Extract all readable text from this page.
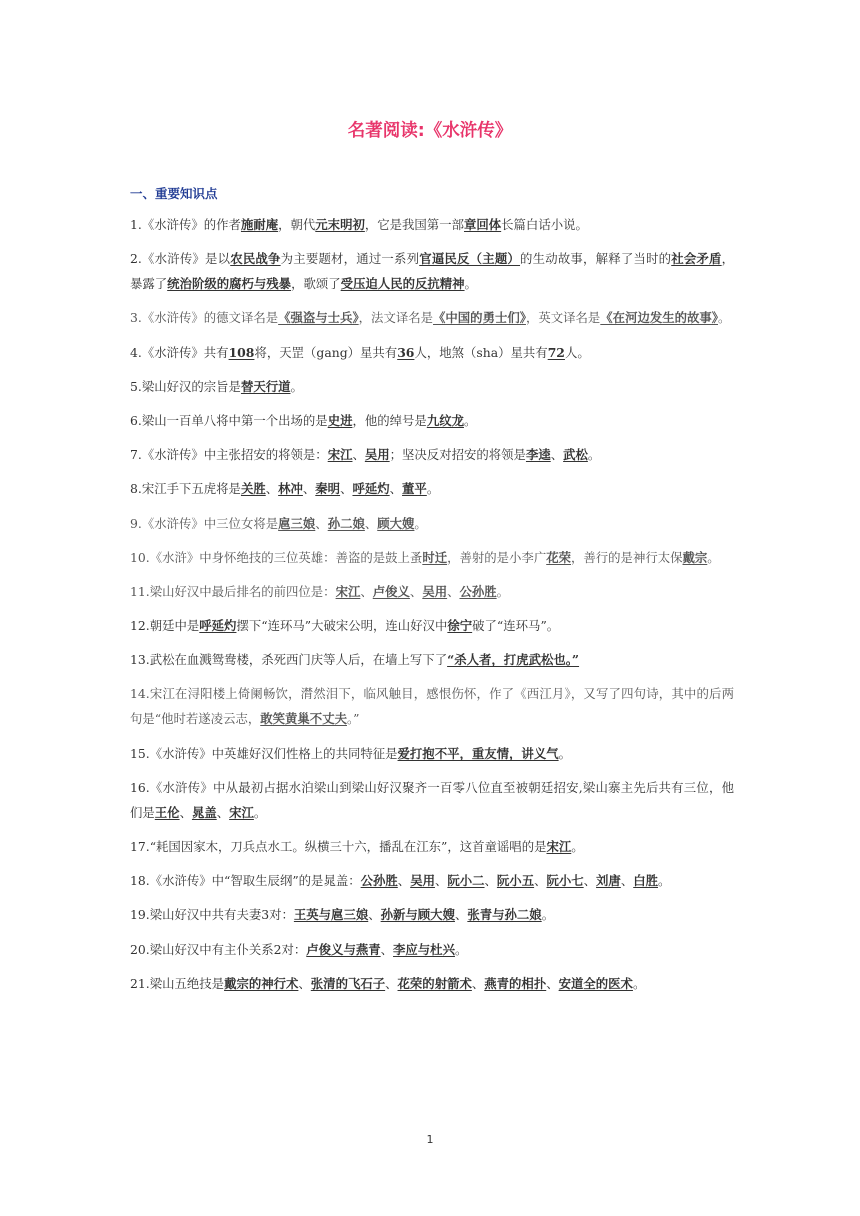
名著阅读:《水浒传》
一、重要知识点
1.《水浒传》的作者施耐庵，朝代元末明初，它是我国第一部章回体长篇白话小说。
2.《水浒传》是以农民战争为主要题材，通过一系列官逼民反（主题）的生动故事，解释了当时的社会矛盾，暴露了统治阶级的腐朽与残暴，歌颂了受压迫人民的反抗精神。
3.《水浒传》的德文译名是《强盗与士兵》，法文译名是《中国的勇士们》，英文译名是《在河边发生的故事》。
4.《水浒传》共有108将，天罡（gang）星共有36人，地煞（sha）星共有72人。
5.梁山好汉的宗旨是替天行道。
6.梁山一百单八将中第一个出场的是史进，他的绰号是九纹龙。
7.《水浒传》中主张招安的将领是：宋江、吴用；坚决反对招安的将领是李逵、武松。
8.宋江手下五虎将是关胜、林冲、秦明、呼延灼、董平。
9.《水浒传》中三位女将是扈三娘、孙二娘、顾大嫂。
10.《水浒》中身怀绝技的三位英雄：善盗的是鼓上蚤时迁，善射的是小李广花荣，善行的是神行太保戴宗。
11.梁山好汉中最后排名的前四位是：宋江、卢俊义、吴用、公孙胜。
12.朝廷中是呼延灼摆下“连环马”大破宋公明，连山好汉中徐宁破了“连环马”。
13.武松在血溅鸳鸯楼，杀死西门庆等人后，在墙上写下了“杀人者，打虎武松也。”
14.宋江在浔阳楼上倚阑畅饮，潸然泪下，临风触目，感恨伤怀，作了《西江月》，又写了四句诗，其中的后两句是“他时若遂凌云志，敢笑黄巢不丈夫。”
15.《水浒传》中英雄好汉们性格上的共同特征是爱打抱不平，重友情，讲义气。
16.《水浒传》中从最初占据水泊梁山到梁山好汉聚齐一百零八位直至被朝廷招安,梁山寨主先后共有三位，他们是王伦、晁盖、宋江。
17.“耗国因家木，刀兵点水工。纵横三十六，播乱在江东”，这首童谣唱的是宋江。
18.《水浒传》中“智取生辰纲”的是晁盖：公孙胜、吴用、阮小二、阮小五、阮小七、刘唐、白胜。
19.梁山好汉中共有夫妻3对：王英与扈三娘、孙新与顾大嫂、张青与孙二娘。
20.梁山好汉中有主仆关系2对：卢俊义与燕青、李应与杜兴。
21.梁山五绝技是戴宗的神行术、张清的飞石子、花荣的射箭术、燕青的相扑、安道全的医术。
1
